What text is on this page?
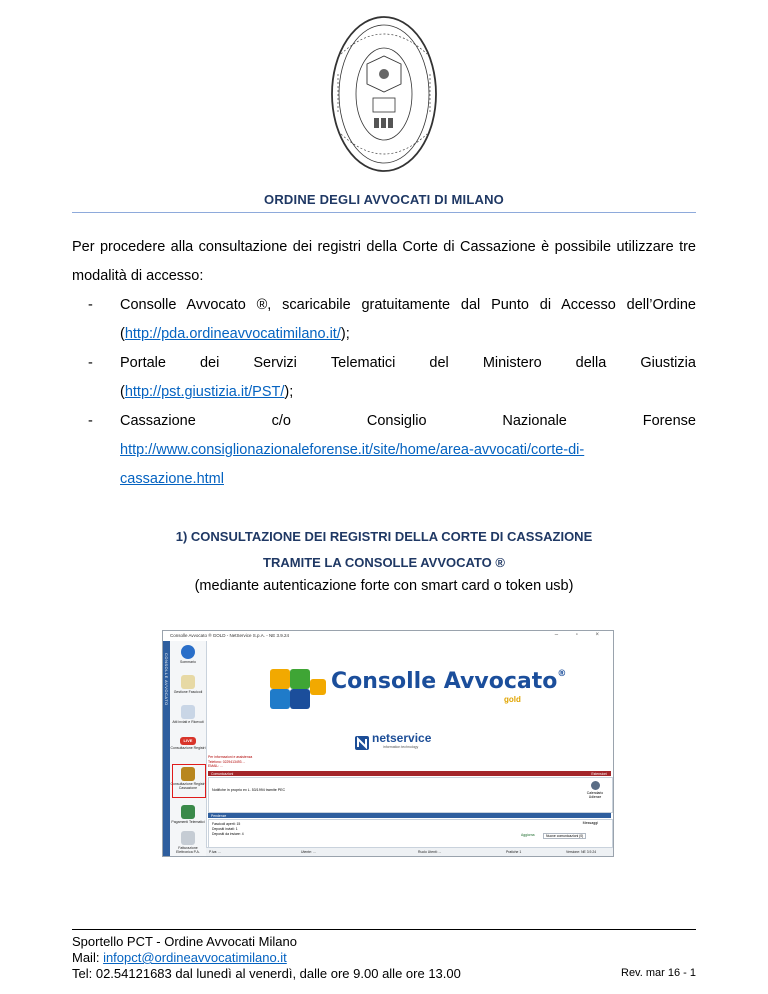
ORDINE DEGLI AVVOCATI DI MILANO
Per procedere alla consultazione dei registri della Corte di Cassazione è possibile utilizzare tre modalità di accesso:
- Consolle Avvocato ®, scaricabile gratuitamente dal Punto di Accesso dell’Ordine
(http://pda.ordineavvocatimilano.it/);
- Portale dei Servizi Telematici del Ministero della Giustizia
(http://pst.giustizia.it/PST/);
- Cassazione	c/o	Consiglio	Nazionale	Forense
http://www.consiglionazionaleforense.it/site/home/area-avvocati/corte-di-
cassazione.html
1) CONSULTAZIONE DEI REGISTRI DELLA CORTE DI CASSAZIONE
TRAMITE LA CONSOLLE AVVOCATO ®
(mediante autenticazione forte con smart card o token usb)
Consolle Avvocato ® GOLD - NetService S.p.A. - NE 3.9.24	– ▫ ×
CONSOLLE AVVOCATO	Sommario
Gestione Fascicoli
Atti inviati e Ricevuti
LIVE
Consultazione Registri
Consultazione Registri Cassazione
Pagamenti Telematici
Fatturazione Elettronica P.A.
Consolle Avvocato®
gold
netservice
information technology
Per informazioni e assistenza
Telefono: 0229413493 ...
EMAIL: ...
Comunicazioni	Estensioni
Notifiche in proprio ex L. 53/1994 tramite PEC
Calendario Udienze
Pendenze
Fascicoli aperti: 15
Depositi inviati: 1
Depositi da inviare: 4
Messaggi
Aggiorna	Nuove comunicazioni (0)
P.Iva: ...	Utente: ...	Ruolo Utenti: ...	Pratiche 1	Versione: NE 3.9.24
Sportello PCT - Ordine Avvocati Milano
Mail: infopct@ordineavvocatimilano.it
Tel: 02.54121683 dal lunedì al venerdì, dalle ore 9.00 alle ore 13.00	Rev. mar 16 - 1
